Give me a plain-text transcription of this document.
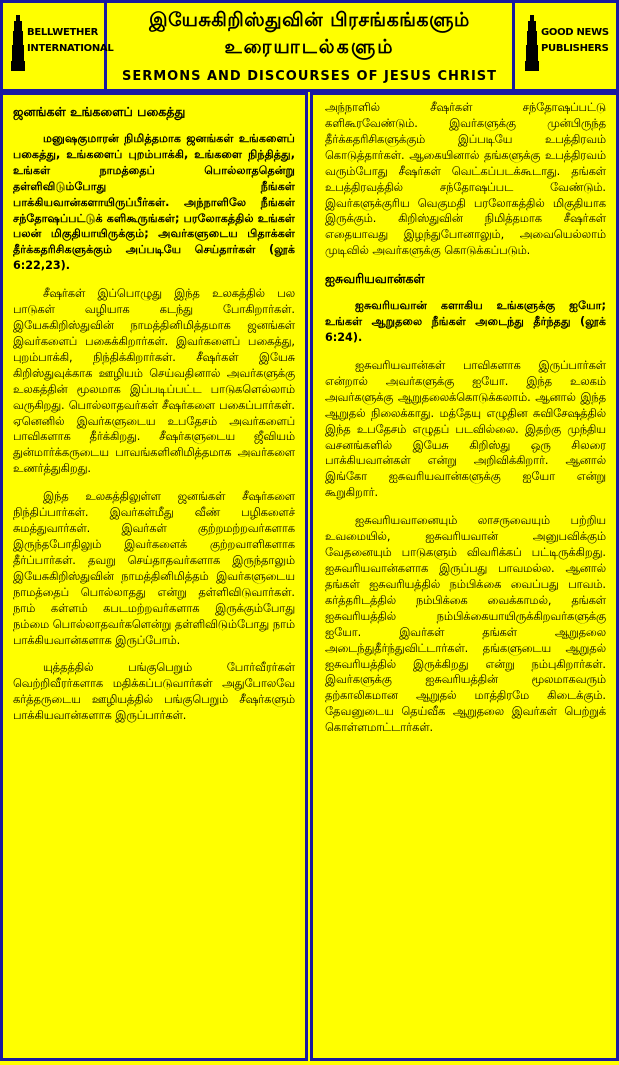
BELLWETHER
INTERNATIONAL
இயேசுகிறிஸ்துவின் பிரசங்கங்களும்
உரையாடல்களும்
SERMONS AND DISCOURSES OF JESUS CHRIST
GOOD NEWS
PUBLISHERS
ஜனங்கள் உங்களைப் பகைத்து

மனுஷகுமாரன் நிமித்தமாக ஜனங்கள் உங்களைப் பகைத்து, உங்களைப் புறம்பாக்கி, உங்களை நிந்தித்து, உங்கள் நாமத்தைப் பொல்லாததென்று தள்ளிவிடும்போது நீங்கள் பாக்கியவான்களாயிருப்பீர்கள். அந்நாளிலே நீங்கள் சந்தோஷப்பட்டுக் களிகூருங்கள்; பரலோகத்தில் உங்கள் பலன் மிகுதியாயிருக்கும்; அவர்களுடைய பிதாக்கள் தீர்க்கதரிசிகளுக்கும் அப்படியே செய்தார்கள் (லூக் 6:22,23).

சீஷர்கள் இப்பொழுது இந்த உலகத்தில் பல பாடுகள் வழியாக கடந்து போகிறார்கள். இயேசுகிறிஸ்துவின் நாமத்தினிமித்தமாக ஜனங்கள் இவர்களைப் பகைக்கிறார்கள். இவர்களைப் பகைத்து, புறம்பாக்கி, நிந்திக்கிறார்கள். சீஷர்கள் இயேசு கிறிஸ்துவுக்காக ஊழியம் செய்வதினால் அவர்களுக்கு உலகத்தின் மூலமாக இப்படிப்பட்ட பாடுகளெல்லாம் வருகிறது. பொல்லாதவர்கள் சீஷர்களை பகைப்பார்கள். ஏனெனில் இவர்களுடைய உபதேசம் அவர்களைப் பாவிகளாக தீர்க்கிறது. சீஷர்களுடைய ஜீவியம் துன்மார்க்கருடைய பாவங்களினிமித்தமாக அவர்களை உணர்த்துகிறது.

இந்த உலகத்திலுள்ள ஜனங்கள் சீஷர்களை நிந்திப்பார்கள். இவர்கள்மீது வீண் பழிகளைச் சுமத்துவார்கள். இவர்கள் குற்றமற்றவர்களாக இருந்தபோதிலும் இவர்களைக் குற்றவாளிகளாக தீர்ப்பார்கள். தவறு செய்தாதவர்களாக இருந்தாலும் இயேசுகிறிஸ்துவின் நாமத்தினிமித்தம் இவர்களுடைய நாமத்தைப் பொல்லாதது என்று தள்ளிவிடுவார்கள். நாம் கள்ளம் கபடமற்றவர்களாக இருக்கும்போது நம்மை பொல்லாதவர்களென்று தள்ளிவிடும்போது நாம் பாக்கியவான்களாக இருப்போம்.

யுத்தத்தில் பங்குபெறும் போர்வீரர்கள் வெற்றிவீரர்களாக மதிக்கப்படுவார்கள் அதுபோலவே கர்த்தருடைய ஊழியத்தில் பங்குபெறும் சீஷர்களும் பாக்கியவான்களாக இருப்பார்கள்.

அந்நாளில் சீஷர்கள் சந்தோஷப்பட்டு களிகூரவேண்டும். இவர்களுக்கு முன்பிருந்த தீர்க்கதரிசிகளுக்கும் இப்படியே உபத்திரவம் கொடுத்தார்கள். ஆகையினால் தங்களுக்கு உபத்திரவம் வரும்போது சீஷர்கள் வெட்கப்படக்கூடாது. தங்கள் உபத்திரவத்தில் சந்தோஷப்பட வேண்டும். இவர்களுக்குரிய வெகுமதி பரலோகத்தில் மிகுதியாக இருக்கும். கிறிஸ்துவின் நிமித்தமாக சீஷர்கள் எதையாவது இழந்துபோனாலும், அவையெல்லாம் முடிவில் அவர்களுக்கு கொடுக்கப்படும்.

ஐசுவரியவான்கள்

ஐசுவரியவான் களாகிய உங்களுக்கு ஐயோ; உங்கள் ஆறுதலை நீங்கள் அடைந்து தீர்ந்தது (லூக் 6:24).

ஐசுவரியவான்கள் பாவிகளாக இருப்பார்கள் என்றால் அவர்களுக்கு ஐயோ. இந்த உலகம் அவர்களுக்கு ஆறுதலைக்கொடுக்கலாம். ஆனால் இந்த ஆறுதல் நிலைக்காது. மத்தேயு எழுதின சுவிசேஷத்தில் இந்த உபதேசம் எழுதப் படவில்லை. இதற்கு முந்திய வசனங்களில் இயேசு கிறிஸ்து ஒரு சிலரை பாக்கியவான்கள் என்று அறிவிக்கிறார். ஆனால் இங்கோ ஐசுவரியவான்களுக்கு ஐயோ என்று கூறுகிறார்.

ஐசுவரியவானையும் லாசருவையும் பற்றிய உவமையில், ஐசுவரியவான் அனுபவிக்கும் வேதனையும் பாடுகளும் விவரிக்கப் பட்டிருக்கிறது. ஐசுவரியவான்களாக இருப்பது பாவமல்ல. ஆனால் தங்கள் ஐசுவரியத்தில் நம்பிக்கை வைப்பது பாவம். கர்த்தரிடத்தில் நம்பிக்கை வைக்காமல், தங்கள் ஐசுவரியத்தில் நம்பிக்கையாயிருக்கிறவர்களுக்கு ஐயோ. இவர்கள் தங்கள் ஆறுதலை அடைந்துதீர்ந்துவிட்டார்கள். தங்களுடைய ஆறுதல் ஐசுவரியத்தில் இருக்கிறது என்று நம்புகிறார்கள். இவர்களுக்கு ஐசுவரியத்தின் மூலமாகவரும் தற்காலிகமான ஆறுதல் மாத்திரமே கிடைக்கும். தேவனுடைய தெய்வீக ஆறுதலை இவர்கள் பெற்றுக் கொள்ளமாட்டார்கள்.
